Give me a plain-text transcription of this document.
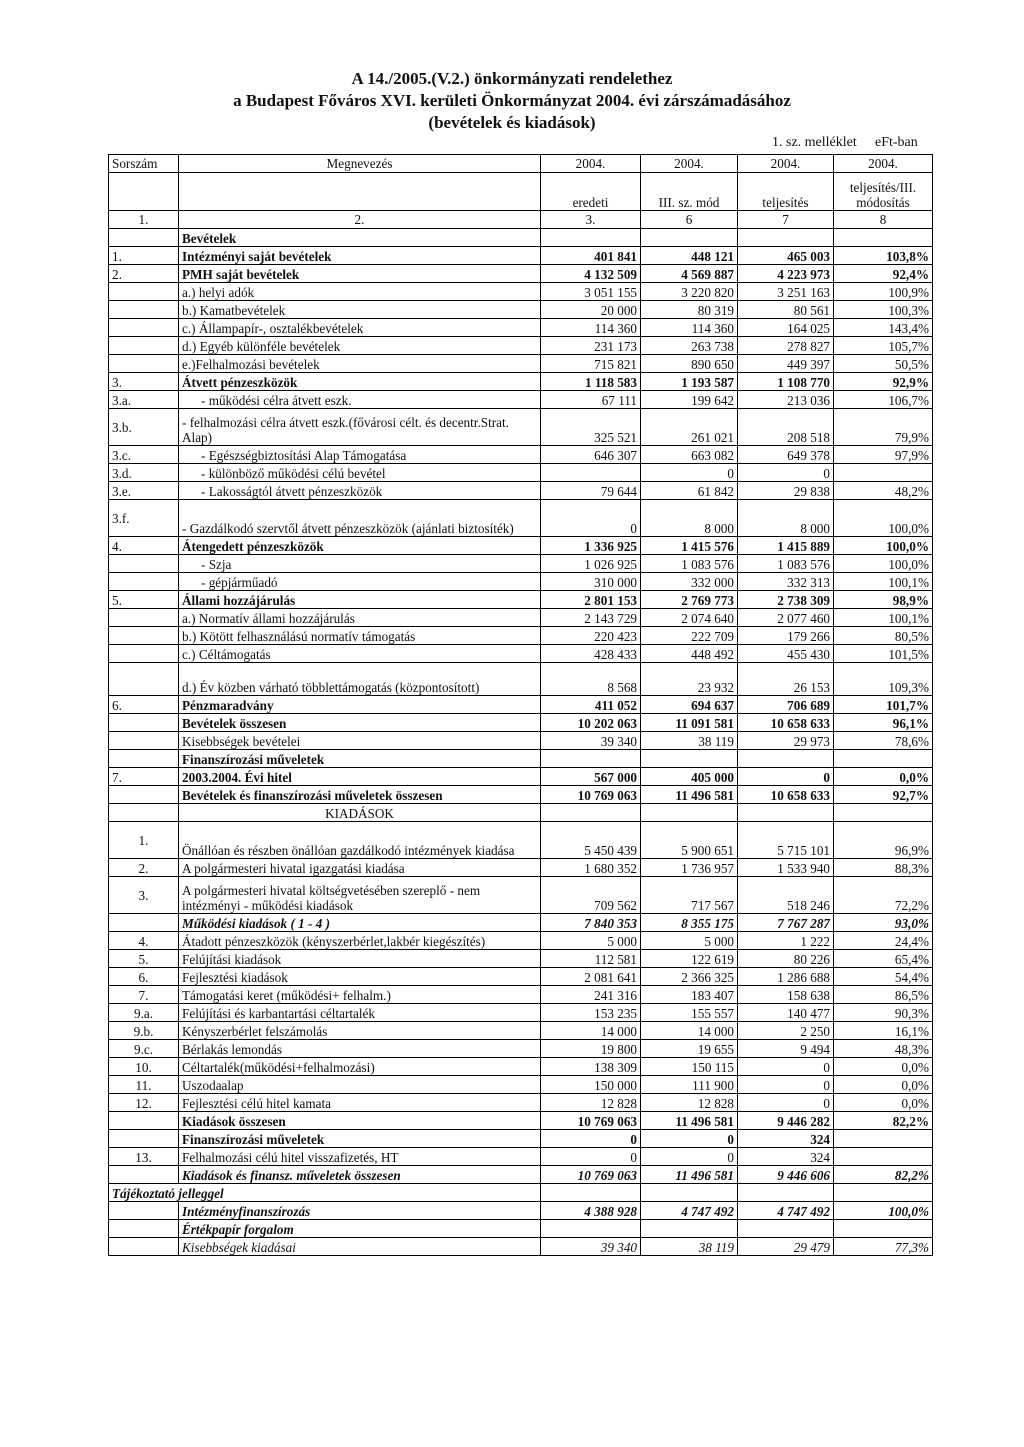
A 14./2005.(V.2.) önkormányzati rendelethez
a Budapest Főváros XVI. kerületi Önkormányzat 2004. évi zárszámadásához
(bevételek és kiadások)
1. sz. melléklet eFt-ban
Sorszám	Megnevezés	2004.	2004.	2004.	2004.
		eredeti	III. sz. mód	teljesítés	teljesítés/III. módosítás
1.	2.	3.	6	7	8
	Bevételek				
1.	Intézményi saját bevételek	401 841	448 121	465 003	103,8%
2.	PMH saját bevételek	4 132 509	4 569 887	4 223 973	92,4%
	a.) helyi adók	3 051 155	3 220 820	3 251 163	100,9%
	b.) Kamatbevételek	20 000	80 319	80 561	100,3%
	c.) Állampapír-, osztalékbevételek	114 360	114 360	164 025	143,4%
	d.) Egyéb különféle bevételek	231 173	263 738	278 827	105,7%
	e.)Felhalmozási bevételek	715 821	890 650	449 397	50,5%
3.	Átvett pénzeszközök	1 118 583	1 193 587	1 108 770	92,9%
3.a.	- működési célra átvett eszk.	67 111	199 642	213 036	106,7%
3.b.	- felhalmozási célra átvett eszk.(fővárosi célt. és decentr.Strat. Alap)	325 521	261 021	208 518	79,9%
3.c.	- Egészségbiztosítási Alap Támogatása	646 307	663 082	649 378	97,9%
3.d.	- különböző működési célú bevétel		0	0	
3.e.	- Lakosságtól átvett pénzeszközök	79 644	61 842	29 838	48,2%
3.f.	- Gazdálkodó szervtől átvett pénzeszközök (ajánlati biztosíték)	0	8 000	8 000	100,0%
4.	Átengedett pénzeszközök	1 336 925	1 415 576	1 415 889	100,0%
	- Szja	1 026 925	1 083 576	1 083 576	100,0%
	- gépjárműadó	310 000	332 000	332 313	100,1%
5.	Állami hozzájárulás	2 801 153	2 769 773	2 738 309	98,9%
	a.) Normatív állami hozzájárulás	2 143 729	2 074 640	2 077 460	100,1%
	b.) Kötött felhasználású normatív támogatás	220 423	222 709	179 266	80,5%
	c.) Céltámogatás	428 433	448 492	455 430	101,5%
	d.) Év közben várható többlettámogatás (központosított)	8 568	23 932	26 153	109,3%
6.	Pénzmaradvány	411 052	694 637	706 689	101,7%
	Bevételek összesen	10 202 063	11 091 581	10 658 633	96,1%
	Kisebbségek bevételei	39 340	38 119	29 973	78,6%
	Finanszírozási műveletek				
7.	2003.2004. Évi hitel	567 000	405 000	0	0,0%
	Bevételek és finanszírozási műveletek összesen	10 769 063	11 496 581	10 658 633	92,7%
	KIADÁSOK				
1.	Önállóan és részben önállóan gazdálkodó intézmények kiadása	5 450 439	5 900 651	5 715 101	96,9%
2.	A polgármesteri hivatal igazgatási kiadása	1 680 352	1 736 957	1 533 940	88,3%
3.	A polgármesteri hivatal költségvetésében szereplő - nem intézményi - működési kiadások	709 562	717 567	518 246	72,2%
	Működési kiadások ( 1 - 4 )	7 840 353	8 355 175	7 767 287	93,0%
4.	Átadott pénzeszközök (kényszerbérlet,lakbér kiegészítés)	5 000	5 000	1 222	24,4%
5.	Felújítási kiadások	112 581	122 619	80 226	65,4%
6.	Fejlesztési kiadások	2 081 641	2 366 325	1 286 688	54,4%
7.	Támogatási keret (működési+ felhalm.)	241 316	183 407	158 638	86,5%
9.a.	Felújítási és karbantartási céltartalék	153 235	155 557	140 477	90,3%
9.b.	Kényszerbérlet felszámolás	14 000	14 000	2 250	16,1%
9.c.	Bérlakás lemondás	19 800	19 655	9 494	48,3%
10.	Céltartalék(működési+felhalmozási)	138 309	150 115	0	0,0%
11.	Uszodaalap	150 000	111 900	0	0,0%
12.	Fejlesztési célú hitel kamata	12 828	12 828	0	0,0%
	Kiadások összesen	10 769 063	11 496 581	9 446 282	82,2%
	Finanszírozási műveletek	0	0	324	
13.	Felhalmozási célú hitel visszafizetés, HT	0	0	324	
	Kiadások és finansz. műveletek összesen	10 769 063	11 496 581	9 446 606	82,2%
Tájékoztató jelleggel					
	Intézményfinanszírozás	4 388 928	4 747 492	4 747 492	100,0%
	Értékpapír forgalom				
	Kisebbségek kiadásai	39 340	38 119	29 479	77,3%
